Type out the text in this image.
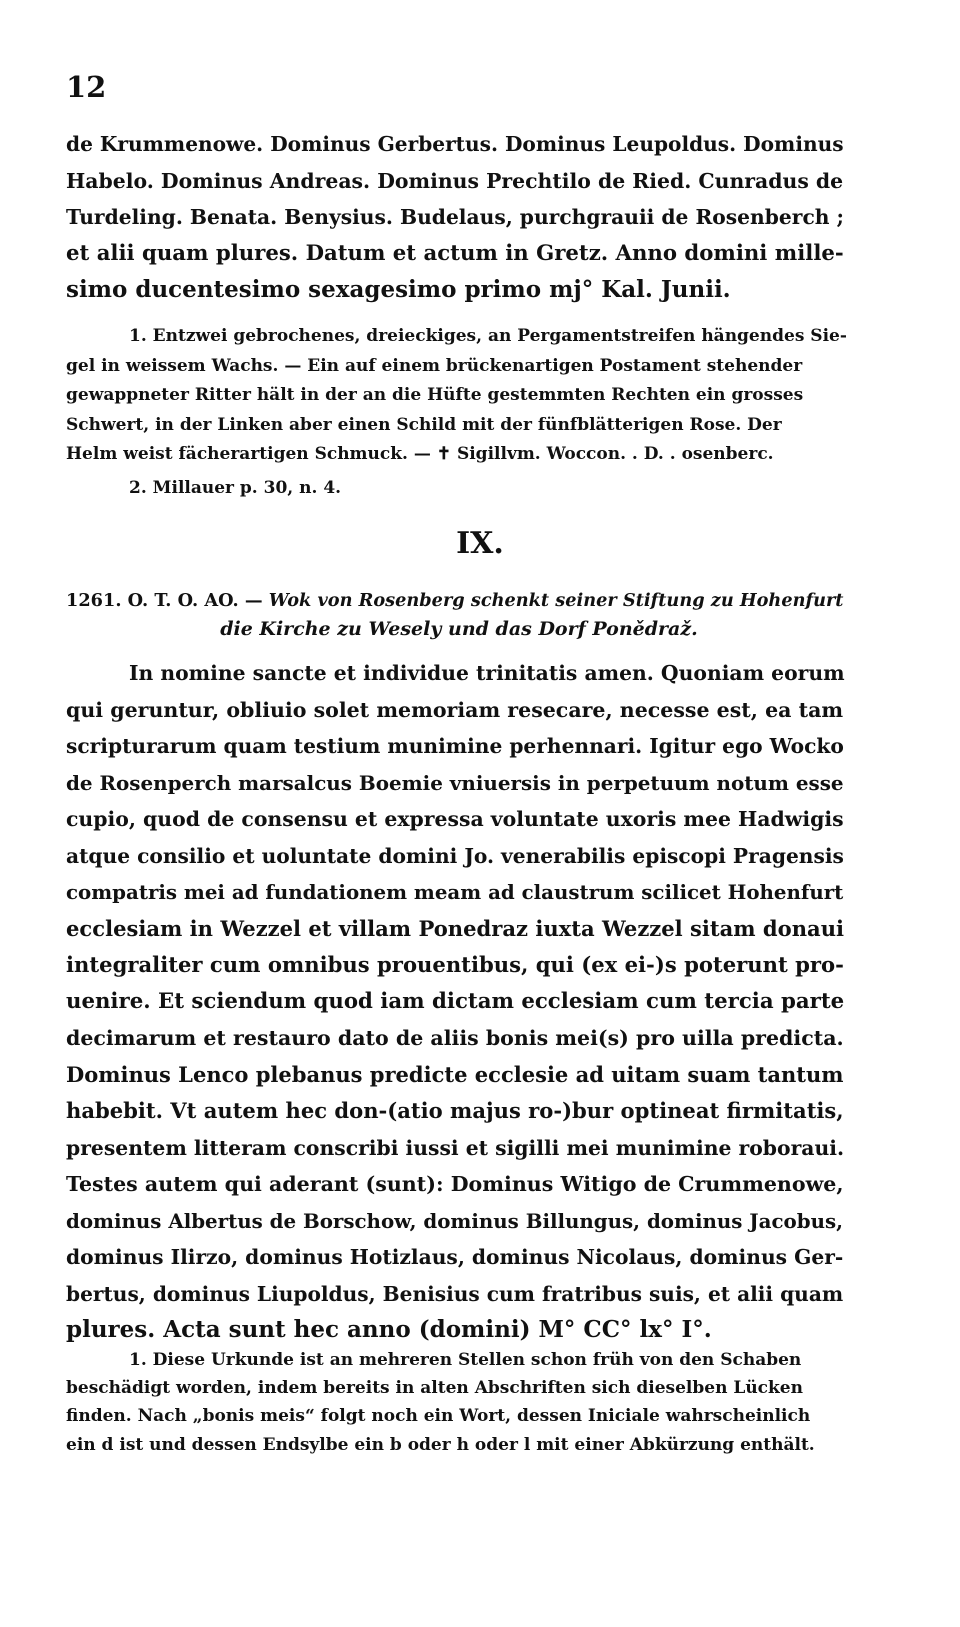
12

de Krummenowe. Dominus Gerbertus. Dominus Leupoldus. Dominus
Habelo. Dominus Andreas. Dominus Prechtilo de Ried. Cunradus de
Turdeling. Benata. Benysius. Budelaus, purchgrauii de Rosenberch ;
et alii quam plures. Datum et actum in Gretz. Anno domini mille-
simo ducentesimo sexagesimo primo mj° Kal. Junii.

1. Entzwei gebrochenes, dreieckiges, an Pergamentstreifen hängendes Sie-
gel in weissem Wachs. — Ein auf einem brückenartigen Postament stehender
gewappneter Ritter hält in der an die Hüfte gestemmten Rechten ein grosses
Schwert, in der Linken aber einen Schild mit der fünfblätterigen Rose. Der
Helm weist fächerartigen Schmuck. — ✝ Sigillvm. Woccon. . D. . osenberc.

2. Millauer p. 30, n. 4.

IX.
1261. O. T. O. AO. — Wok von Rosenberg schenkt seiner Stiftung zu Hohenfurt
die Kirche zu Wesely und das Dorf Ponědraž.

In nomine sancte et individue trinitatis amen. Quoniam eorum
qui geruntur, obliuio solet memoriam resecare, necesse est, ea tam
scripturarum quam testium munimine perhennari. Igitur ego Wocko
de Rosenperch marsalcus Boemie vniuersis in perpetuum notum esse
cupio, quod de consensu et expressa voluntate uxoris mee Hadwigis
atque consilio et uoluntate domini Jo. venerabilis episcopi Pragensis
compatris mei ad fundationem meam ad claustrum scilicet Hohenfurt
ecclesiam in Wezzel et villam Ponedraz iuxta Wezzel sitam donaui
integraliter cum omnibus prouentibus, qui (ex ei-)s poterunt pro-
uenire. Et sciendum quod iam dictam ecclesiam cum tercia parte
decimarum et restauro dato de aliis bonis mei(s) pro uilla predicta.
Dominus Lenco plebanus predicte ecclesie ad uitam suam tantum
habebit. Vt autem hec don-(atio majus ro-)bur optineat firmitatis,
presentem litteram conscribi iussi et sigilli mei munimine roboraui.
Testes autem qui aderant (sunt): Dominus Witigo de Crummenowe,
dominus Albertus de Borschow, dominus Billungus, dominus Jacobus,
dominus Ilirzo, dominus Hotizlaus, dominus Nicolaus, dominus Ger-
bertus, dominus Liupoldus, Benisius cum fratribus suis, et alii quam
plures. Acta sunt hec anno (domini) M° CC° lx° I°.

1. Diese Urkunde ist an mehreren Stellen schon früh von den Schaben
beschädigt worden, indem bereits in alten Abschriften sich dieselben Lücken
finden. Nach „bonis meis“ folgt noch ein Wort, dessen Iniciale wahrscheinlich
ein d ist und dessen Endsylbe ein b oder h oder l mit einer Abkürzung enthält.
